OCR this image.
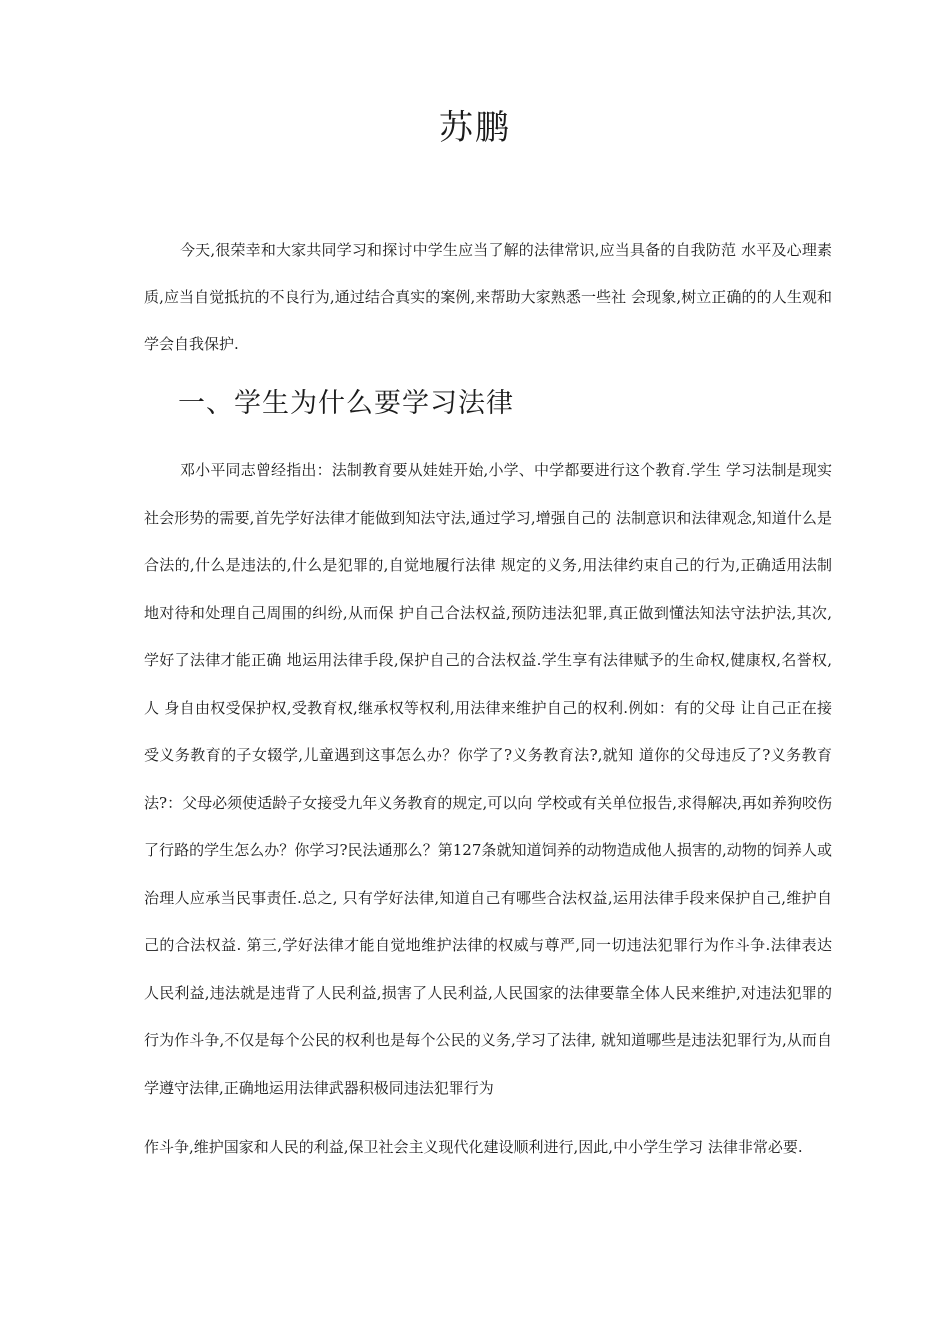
苏鹏

今天,很荣幸和大家共同学习和探讨中学生应当了解的法律常识,应当具备的自我防范 水平及心理素质,应当自觉抵抗的不良行为,通过结合真实的案例,来帮助大家熟悉一些社 会现象,树立正确的的人生观和学会自我保护.

一、学生为什么要学习法律

邓小平同志曾经指出：法制教育要从娃娃开始,小学、中学都要进行这个教育.学生 学习法制是现实社会形势的需要,首先学好法律才能做到知法守法,通过学习,增强自己的 法制意识和法律观念,知道什么是合法的,什么是违法的,什么是犯罪的,自觉地履行法律 规定的义务,用法律约束自己的行为,正确适用法制地对待和处理自己周围的纠纷,从而保 护自己合法权益,预防违法犯罪,真正做到懂法知法守法护法,其次,学好了法律才能正确 地运用法律手段,保护自己的合法权益.学生享有法律赋予的生命权,健康权,名誉权,人 身自由权受保护权,受教育权,继承权等权利,用法律来维护自己的权利.例如：有的父母 让自己正在接受义务教育的子女辍学,儿童遇到这事怎么办？你学了?义务教育法?,就知 道你的父母违反了?义务教育法?：父母必须使适龄子女接受九年义务教育的规定,可以向 学校或有关单位报告,求得解决,再如养狗咬伤了行路的学生怎么办？你学习?民法通那么？第127条就知道饲养的动物造成他人损害的,动物的饲养人或治理人应承当民事责任.总之, 只有学好法律,知道自己有哪些合法权益,运用法律手段来保护自己,维护自己的合法权益. 第三,学好法律才能自觉地维护法律的权威与尊严,同一切违法犯罪行为作斗争.法律表达 人民利益,违法就是违背了人民利益,损害了人民利益,人民国家的法律要靠全体人民来维护,对违法犯罪的行为作斗争,不仅是每个公民的权利也是每个公民的义务,学习了法律, 就知道哪些是违法犯罪行为,从而自学遵守法律,正确地运用法律武器积极同违法犯罪行为

作斗争,维护国家和人民的利益,保卫社会主义现代化建设顺利进行,因此,中小学生学习 法律非常必要.
